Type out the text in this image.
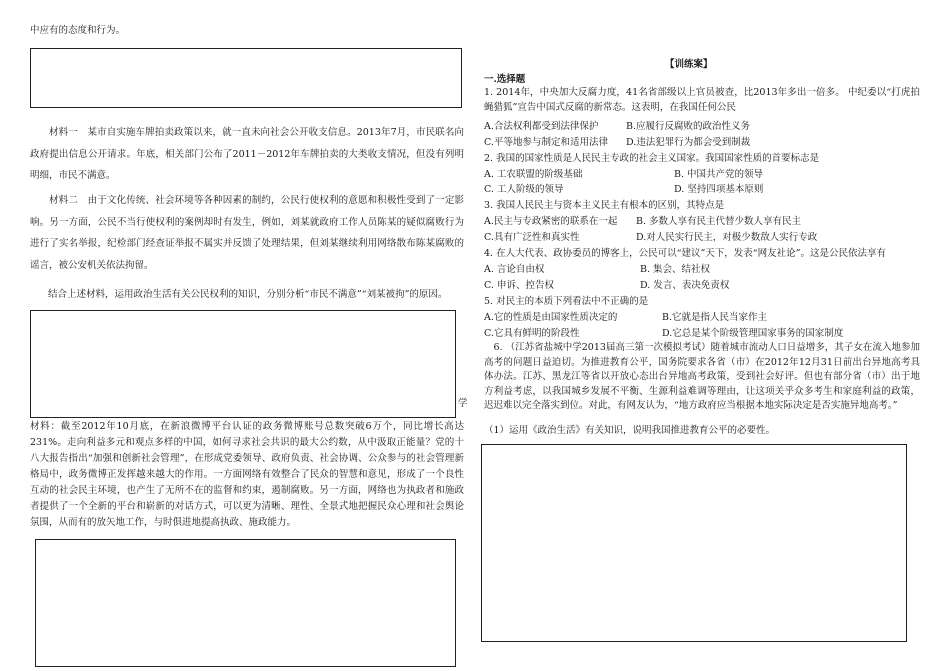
中应有的态度和行为。
材料一　某市自实施车牌拍卖政策以来，就一直未向社会公开收支信息。2013年7月，市民联名向政府提出信息公开请求。年底，相关部门公布了2011－2012年车牌拍卖的大类收支情况，但没有列明明细，市民不满意。
材料二　由于文化传统、社会环境等各种因素的制约，公民行使权利的意愿和积极性受到了一定影响。另一方面，公民不当行使权利的案例却时有发生，例如，刘某就政府工作人员陈某的疑似腐败行为进行了实名举报，纪检部门经查证举报不属实并反馈了处理结果，但刘某继续利用网络散布陈某腐败的谣言，被公安机关依法拘留。
结合上述材料，运用政治生活有关公民权利的知识，分别分析“市民不满意”“刘某被拘”的原因。
学
材料：截至2012年10月底，在新浪微博平台认证的政务微博账号总数突破6万个，同比增长高达231%。走向利益多元和观点多样的中国，如何寻求社会共识的最大公约数，从中汲取正能量？党的十八大报告指出“加强和创新社会管理”，在形成党委领导、政府负责、社会协调、公众参与的社会管理新格局中，政务微博正发挥越来越大的作用。一方面网络有效整合了民众的智慧和意见，形成了一个良性互动的社会民主环境，也产生了无所不在的监督和约束，遏制腐败。另一方面，网络也为执政者和施政者提供了一个全新的平台和崭新的对话方式，可以更为清晰、理性、全景式地把握民众心理和社会舆论氛围，从而有的放矢地工作，与时俱进地提高执政、施政能力。
【训练案】
一.选择题
1. 2014年，中央加大反腐力度，41名省部级以上官员被查，比2013年多出一倍多。 中纪委以“打虎拍蝇猎狐”宣告中国式反腐的新常态。这表明，在我国任何公民
A.合法权利都受到法律保护	B.应履行反腐败的政治性义务
C.平等地参与制定和适用法律 D.违法犯罪行为都会受到制裁
2. 我国的国家性质是人民民主专政的社会主义国家。我国国家性质的首要标志是
A. 工农联盟的阶级基础	B. 中国共产党的领导
C. 工人阶级的领导	D. 坚持四项基本原则
3. 我国人民民主与资本主义民主有根本的区别，其特点是
A.民主与专政紧密的联系在一起 B. 多数人享有民主代替少数人享有民主
C.具有广泛性和真实性	D.对人民实行民主，对极少数敌人实行专政
4. 在人大代表、政协委员的博客上，公民可以“建议”天下，发表“网友社论”。这是公民依法享有
A. 言论自由权	B. 集会、结社权
C. 申诉、控告权	D. 发言、表决免责权
5. 对民主的本质下列看法中不正确的是
A.它的性质是由国家性质决定的	B.它就是指人民当家作主
C.它具有鲜明的阶段性	D.它总是某个阶级管理国家事务的国家制度
6. （江苏省盐城中学2013届高三第一次模拟考试）随着城市流动人口日益增多，其子女在流入地参加高考的问题日益迫切。为推进教育公平，国务院要求各省（市）在2012年12月31日前出台异地高考具体办法。江苏、黑龙江等省以开放心态出台异地高考政策，受到社会好评。但也有部分省（市）出于地方利益考虑，以我国城乡发展不平衡、生源利益难调等理由，让这项关乎众多考生和家庭利益的政策，迟迟难以完全落实到位。对此，有网友认为，“地方政府应当根据本地实际决定是否实施异地高考。”
（1）运用《政治生活》有关知识，说明我国推进教育公平的必要性。
